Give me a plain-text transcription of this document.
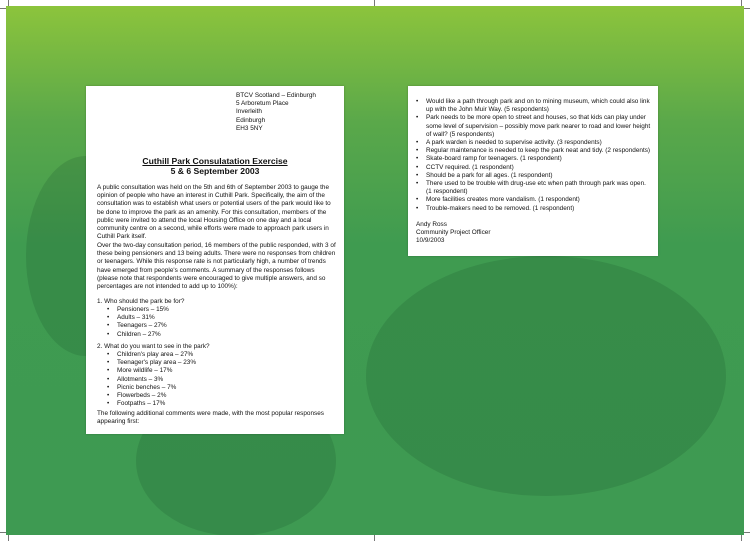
BTCV Scotland – Edinburgh
5 Arboretum Place
Inverleith
Edinburgh
EH3 5NY
Cuthill Park Consulatation Exercise
5 & 6 September 2003
A public consultation was held on the 5th and 6th of September 2003 to gauge the opinion of people who have an interest in Cuthill Park. Specifically, the aim of the consultation was to establish what users or potential users of the park would like to be done to improve the park as an amenity. For this consultation, members of the public were invited to attend the local Housing Office on one day and a local community centre on a second, while efforts were made to approach park users in Cuthill Park itself.
Over the two-day consultation period, 16 members of the public responded, with 3 of these being pensioners and 13 being adults. There were no responses from children or teenagers. While this response rate is not particularly high, a number of trends have emerged from people's comments. A summary of the responses follows (please note that respondents were encouraged to give multiple answers, and so percentages are not intended to add up to 100%):
1. Who should the park be for?
• Pensioners – 15%
• Adults – 31%
• Teenagers – 27%
• Children – 27%
2. What do you want to see in the park?
• Children's play area – 27%
• Teenager's play area – 23%
• More wildlife – 17%
• Allotments – 3%
• Picnic benches – 7%
• Flowerbeds – 2%
• Footpaths – 17%
The following additional comments were made, with the most popular responses appearing first:
• Would like a path through park and on to mining museum, which could also link up with the John Muir Way. (5 respondents)
• Park needs to be more open to street and houses, so that kids can play under some level of supervision – possibly move park nearer to road and lower height of wall? (5 respondents)
• A park warden is needed to supervise activity. (3 respondents)
• Regular maintenance is needed to keep the park neat and tidy. (2 respondents)
• Skate-board ramp for teenagers. (1 respondent)
• CCTV required. (1 respondent)
• Should be a park for all ages. (1 respondent)
• There used to be trouble with drug-use etc when path through park was open. (1 respondent)
• More facilities creates more vandalism. (1 respondent)
• Trouble-makers need to be removed. (1 respondent)
Andy Ross
Community Project Officer
10/9/2003
